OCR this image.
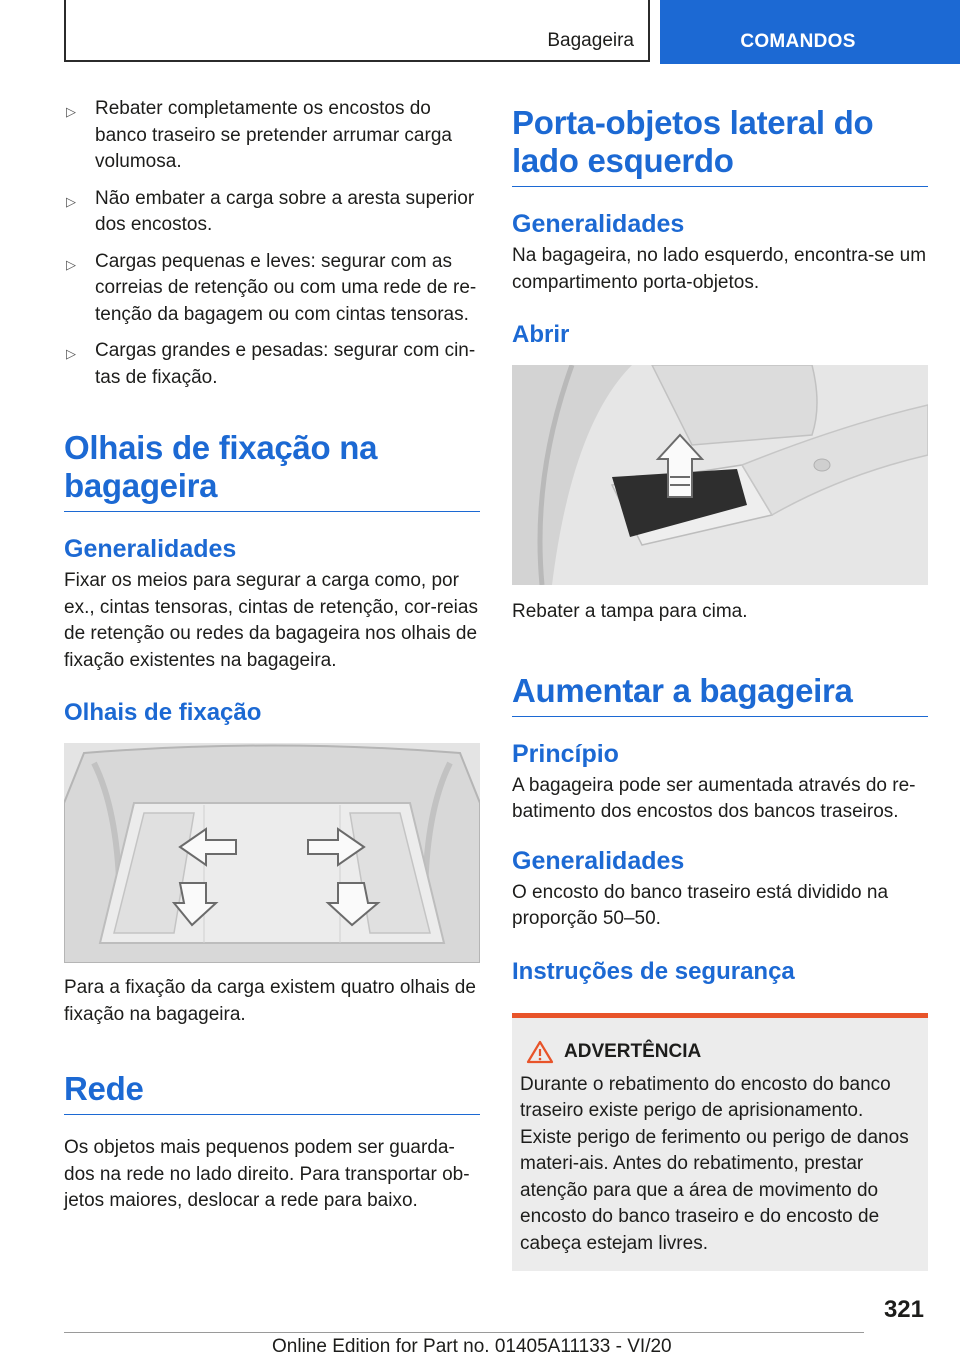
Bagageira	COMANDOS
▷ Rebater completamente os encostos do banco traseiro se pretender arrumar carga volumosa.
▷ Não embater a carga sobre a aresta superior dos encostos.
▷ Cargas pequenas e leves: segurar com as correias de retenção ou com uma rede de re-tenção da bagagem ou com cintas tensoras.
▷ Cargas grandes e pesadas: segurar com cin-tas de fixação.
Olhais de fixação na bagageira
Generalidades

Fixar os meios para segurar a carga como, por ex., cintas tensoras, cintas de retenção, cor-reias de retenção ou redes da bagageira nos olhais de fixação existentes na bagageira.

Olhais de fixação

Para a fixação da carga existem quatro olhais de fixação na bagageira.

Rede

Os objetos mais pequenos podem ser guarda-dos na rede no lado direito. Para transportar ob-jetos maiores, deslocar a rede para baixo.

Porta-objetos lateral do lado esquerdo
Generalidades

Na bagageira, no lado esquerdo, encontra-se um compartimento porta-objetos.

Abrir

Rebater a tampa para cima.

Aumentar a bagageira
Princípio

A bagageira pode ser aumentada através do re-batimento dos encostos dos bancos traseiros.

Generalidades

O encosto do banco traseiro está dividido na proporção 50–50.

Instruções de segurança
ADVERTÊNCIA

Durante o rebatimento do encosto do banco traseiro existe perigo de aprisionamento. Existe perigo de ferimento ou perigo de danos materi-ais. Antes do rebatimento, prestar atenção para que a área de movimento do encosto do banco traseiro e do encosto de cabeça estejam livres.

321
Online Edition for Part no. 01405A11133 - VI/20
